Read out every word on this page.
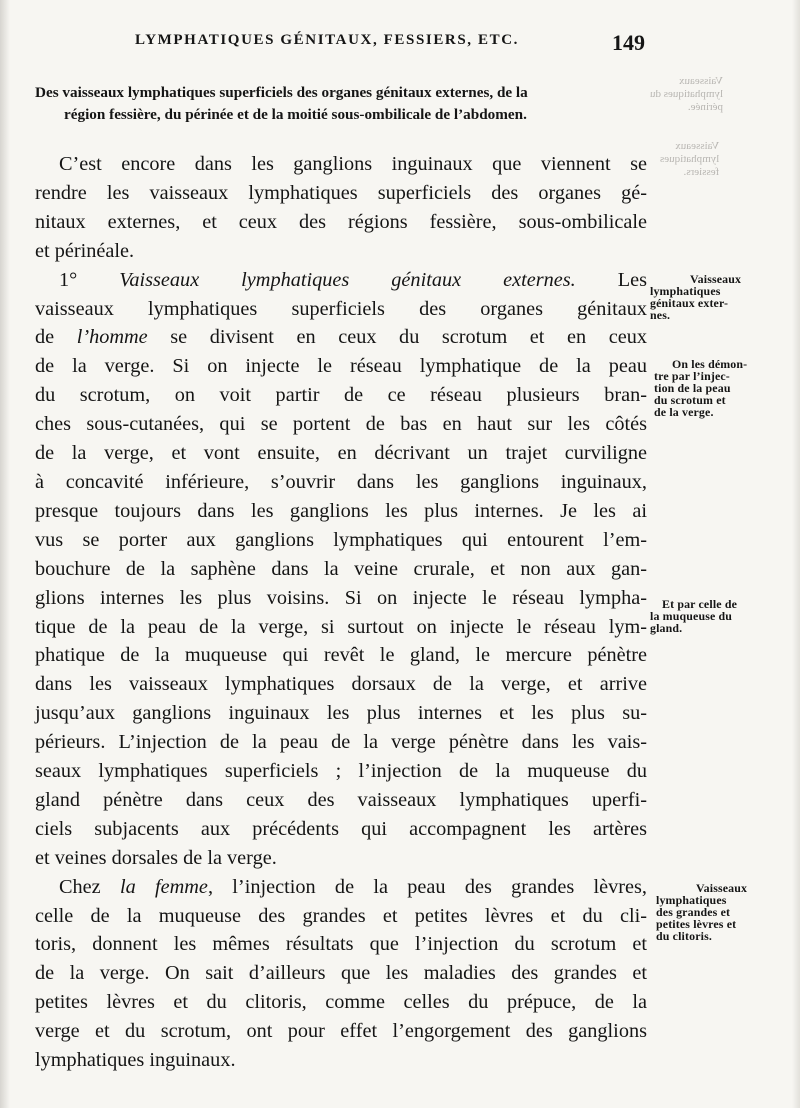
Vaisseaux
lymphatiques du
périnée.
Vaisseaux
lymphatiques
fessiers.
LYMPHATIQUES GÉNITAUX, FESSIERS, ETC.	149
Des vaisseaux lymphatiques superficiels des organes génitaux externes, de la
région fessière, du périnée et de la moitié sous-ombilicale de l’abdomen.
C’est encore dans les ganglions inguinaux que viennent se
rendre les vaisseaux lymphatiques superficiels des organes gé-
nitaux externes, et ceux des régions fessière, sous-ombilicale
et périnéale.
1° Vaisseaux lymphatiques génitaux externes. Les
vaisseaux lymphatiques superficiels des organes génitaux
de l’homme se divisent en ceux du scrotum et en ceux
de la verge. Si on injecte le réseau lymphatique de la peau
du scrotum, on voit partir de ce réseau plusieurs bran-
ches sous-cutanées, qui se portent de bas en haut sur les côtés
de la verge, et vont ensuite, en décrivant un trajet curviligne
à concavité inférieure, s’ouvrir dans les ganglions inguinaux,
presque toujours dans les ganglions les plus internes. Je les ai
vus se porter aux ganglions lymphatiques qui entourent l’em-
bouchure de la saphène dans la veine crurale, et non aux gan-
glions internes les plus voisins. Si on injecte le réseau lympha-
tique de la peau de la verge, si surtout on injecte le réseau lym-
phatique de la muqueuse qui revêt le gland, le mercure pénètre
dans les vaisseaux lymphatiques dorsaux de la verge, et arrive
jusqu’aux ganglions inguinaux les plus internes et les plus su-
périeurs. L’injection de la peau de la verge pénètre dans les vais-
seaux lymphatiques superficiels ; l’injection de la muqueuse du
gland pénètre dans ceux des vaisseaux lymphatiques uperfi-
ciels subjacents aux précédents qui accompagnent les artères
et veines dorsales de la verge.
Chez la femme, l’injection de la peau des grandes lèvres,
celle de la muqueuse des grandes et petites lèvres et du cli-
toris, donnent les mêmes résultats que l’injection du scrotum et
de la verge. On sait d’ailleurs que les maladies des grandes et
petites lèvres et du clitoris, comme celles du prépuce, de la
verge et du scrotum, ont pour effet l’engorgement des ganglions
lymphatiques inguinaux.
Vaisseaux
lymphatiques
génitaux exter-
nes.
On les démon-
tre par l’injec-
tion de la peau
du scrotum et
de la verge.
Et par celle de
la muqueuse du
gland.
Vaisseaux
lymphatiques
des grandes et
petites lèvres et
du clitoris.
